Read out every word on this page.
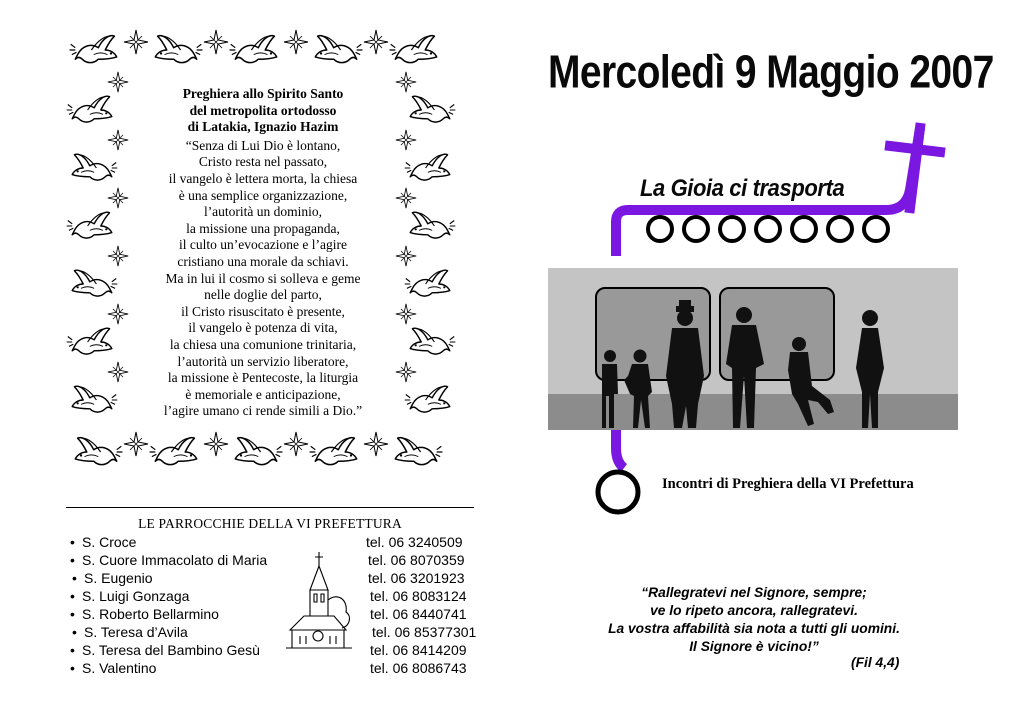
Preghiera allo Spirito Santo
del metropolita ortodosso
di Latakia, Ignazio Hazim
“Senza di Lui Dio è lontano,
Cristo resta nel passato,
il vangelo è lettera morta, la chiesa
è una semplice organizzazione,
l’autorità un dominio,
la missione una propaganda,
il culto un’evocazione e l’agire
cristiano una morale da schiavi.
Ma in lui il cosmo si solleva e geme
nelle doglie del parto,
il Cristo risuscitato è presente,
il vangelo è potenza di vita,
la chiesa una comunione trinitaria,
l’autorità un servizio liberatore,
la missione è Pentecoste, la liturgia
è memoriale e anticipazione,
l’agire umano ci rende simili a Dio.”
LE PARROCCHIE DELLA VI PREFETTURA
• S. Croce	tel. 06 3240509
• S. Cuore Immacolato di Maria	tel. 06 8070359
• S. Eugenio	tel. 06 3201923
• S. Luigi Gonzaga	tel. 06 8083124
• S. Roberto Bellarmino	tel. 06 8440741
• S. Teresa d’Avila	tel. 06 85377301
• S. Teresa del Bambino Gesù	tel. 06 8414209
• S. Valentino	tel. 06 8086743
Mercoledì 9 Maggio 2007
La Gioia ci trasporta
Incontri di Preghiera della VI Prefettura
“Rallegratevi nel Signore, sempre;
ve lo ripeto ancora, rallegratevi.
La vostra affabilità sia nota a tutti gli uomini.
Il Signore è vicino!”
(Fil 4,4)
